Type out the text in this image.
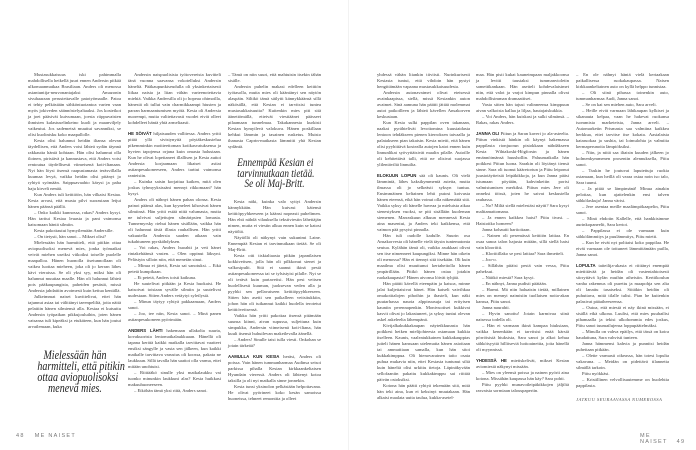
Mustasukkaisuus iski pahimmalla mahdollisella hetkellä juuri ennen Andersin pitkää ulkomaanmatkaa Brasiliaan. Anders oli menossa asiantuntija-neuvonantajaksi Amazonin sivuhaaraan perustettavalle patotyömaalle. Patoa ei tehty pelkästään sähköntuotantoa varten vaan myös jokiveden säännöstelyaltaaksi. Jos kosteikot ja joet pääsivät kuivumaan, joesta riippuvaisten ihmisten kalastuselinkeino kuoli ja maanviljely vaikeutui. Jos sademetsä muuttui savanniksi, se olisi kuolinisku koko maapallolle.

Kesia olisi halunnut heidän iltansa olevan täydellisen, että Anders voisi lähteä sydän täynnä rakkautta häntä kohtaan. Hän olisi halunnut olla iloinen, piristävä ja kannustava, että Anders voisi rentoutua täydellisesti viimeisenä koti-iltanaan. Nyt hän löysi itsensä raapustamasta teräsvillalla kuumaa levyä, vaikka heidän olisi pitänyt jo ryhtyä syömään. Saippuavaahto kärysi ja paha haju kirveli nenää.

Kun Anders tuli keittiöön, hän vilkaisi Kesiaa. Kesia arvasi, että musta pilvi suorastaan leijui hänen päänsä päällä.

– Onko kaikki kunnossa, rakas? Anders kysyi. Hän tarttui Kesiaa leuasta ja pani vaimonsa katsomaan häntä silmiin.

Kesia pakottautui hymyilemään Andersille.

– On tietysti, hän sanoi. – Miksei olisi?

Mielessään hän harmitteli, että pitikin ottaa aviopuolisoksi menevä mies, jonka työmatkat veivät miehen useiksi viikoiksi toiselle puolelle maapalloa. Hänen huonolla itsetunnollaan oli vaikea luottaa mieheen, joka oli jo kerran lähes kävi vieraissa. Se oli yksi syy, miksi hän oli halunnut muuttaa maalle. Hän oli halunnut lähteä pois pääkaupungista, paheiden pesästä, missä Andersia jahdattiin avoimesti kuin kettua kentällä.

Julkeimmat naiset kuvittelivat, ettei hän tajunnut asiaa tai välittänyt taeenpeliltä, joita näitä pelattiin hänen silmiensä alla. Kesiaa ei kutsuttu Andersin työpaikan pikkujouluihin, joten hänen vatsansa tuli kipeäksi ja etukäteen, kun hän joutui arvailemaan, kuka

Mielessään hän
harmitteli, että pitikin
ottaa aviopuolisoksi
menevä mies.

Andersin naispuolisista työtovereista kuvitteli tänä vuonna saavansa vokotelluksi Andersin häneltä. Pääkaupunkiseudulla oli yksinkertaisesti liikaa naisia ja liian vähän varteenotettavia miehiä. Vaikka Andersilla oli jo hopeaa ohimoilla, hänestä oli tullut vain charmikkaampi hiusten ja parran harmaantumisen myötä. Kesia oli Andersia nuorempi, mutta valitettavasti vuodet eivät olleet kohdelleet häntä yhtä armeliaasti.

HE SÖIVÄT hiljaisuuden vallitessa. Anders yritti pitää yllä sivistynyttä pöytäkeskustelua pikemminkin moitteettoman kotikasvatuksensa ja hyvien tapojensa orjana kuin omasta halustaan. Kun he olivat lopettaneet illallisen ja Kesia auttoi Andersia korjaamaan likaiset astiat astianpesukoneeseen, Anders tarttui vaimonsa ranteisiin.

– Kuinka saisin korjattua kaiken, mitä olen joskus tyhmyyksissäni mennyt rikkomaan? hän kysyi.

Anders oli nähnyt hänen pahan olonsa. Kesia painoi päänsä alas, kun kyyneleet kihosivat hänen silmiinsä. Hän yritti estää niitä valumasta, mutta ne tulvivat suljettujen silmäripsien lomasta. Tunnemyrsky riehui hänen sisällään, vaikka hän oli halunnut tästä illasta rauhallisen. Hän yritti vakuutella Andersia saaden aikaan vain tukahtuneen pyrskähdyksen.

– Voi rakas, Anders huoahti ja veti hänet rintakehäänsä vasten. – Olen oppinut läksyni. Pelästyin silloin niin, että menetän sinut.

– Minua ei jätetä, Kesia sai sanotuksi. – Eikä petetä kumpikaan.

– Ei petetä, Anders toisti kaikuna.

He suutelivat pitkään ja Kesia huokaisi. He katsoivat toisiaan syvälle silmiin ja suutelivat uudestaan. Sitten Anders vetäytyi syleilystä.

– Minun täytyy ryhtyä pakkaamaan, Anders sanoi.

– Joo, tee niin, Kesia sanoi. – Minä panen astianpesukoneen pyörimään.

ANDERS LÄHTI hakemaan ullakolta suurta, kovakuorista lentomatkalaukkuaan. Hänellä oli tapana kerätä kaikki matkalla tarvittavat vaatteet ensiksi sängylle ja vasta sen jälkeen, kun kaikki matkalle tarvittava varustus oli koossa, pakata ne laukkuun. Sillä tavalla hän saattoi olla varma, ettei mitään unohtuisi.

– Riittääkö sinulle yksi matkalaukku vai tuonko minunkin laukkuni alas? Kesia huikkasi makuuhuoneeseen.

– Eiköhän tämä yksi riitä, Anders sanoi.

– Tämä on niin suuri, että mahtuisin itsekin tähän sisälle.

Andersin puhelin makasi edelleen keittiön työtasolla, mutta mies oli kääntänyt sen näytön alaspäin. Siltikö tämä säilytti kännykkäänsä sillä näkösällä, että Kesian ei tarvitsisi tuntea mustasukkaisuutta? Kuitenkin mies piti sitä äänettömällä, etteivät viestiäänet päässeet pilaamaan tunnelmaa. Takakannesta kurkisti Kesian hymyilevä valokuva. Hänen poskillaan hehkui lämmin ja tasainen rusketus. Muisto ihanasta Caprin-matkasta lämmitti yhä Kesian sydäntä.

Ennempää Kesian ei
tarvinnutkaan tietää.
Se oli Maj-Britt.

Kesia näki, kuinka valo syttyi Andersin kännykkään. Hän kuivasi kätensä keittiöpyyhkeeseen ja käänsi nopeasti puhelimen. Hän ehti nähdä vilauksella tekstiviestin lähettäjän nimen, mutta ei viestin alkua ennen kuin se katosi näytöltä.

Näytöllä oli näkynyt vain sukunimi Laine. Ennempää Kesian ei tarvinnutkaan tietää. Se oli Maj-Britt.

Kesia otti tiskialtaasta pitkän japanilaisen kokkiveitsen, jolla hän oli pilkkonut sienet ja valkosipulit. Sitä ei saanut ikinä pestä astianpesukoneessa tai se tylsistyisi pilalle. Nyt se oli terävä kuin partaveitsi. Hän pesi veitsen huolellisesti kuuman, juoksevan veden alla ja pyyhki sen pellavaiseen keittiöpyyhkeeseen. Sitten hän asetti sen paikalleen veitsitukkiin, johon hän oli tuikannut kaikki huolella terotetut keittiöveitsensä.

Vaikka hän yritti pakottaa itsensä pitämään suunsa kiinni, aivan supussa, suljettuna kuin simpukka, Andersin viimeisenä koti-iltana, hän kuuli itsensä huhuilevan makeilevalla äänellä.

– Anders! Sinulle taisi tulla viesti. Onkohan se jotain tärkeää?

AAMULLA KUN KESIA heräsi, Anders oli poissa. Vain hänen tummanharmaa Audinsa seisoi parkissa pihalla Kesian kirkkaankeltaisen Hyundain vieressä. Anders oli lähtenyt kotoa taksilla ja oli nyt matkalla sinne jonnekin.

Kesia tunsi yksinolon pelkästään helpottavana. He olivat pyörineet koko kesän samoissa huoneissa, tehneet remonttia ja olleet

yhdessä vähän liiankin tiiviisti. Nurinkurisesti Kesiasta tuntui, että vihdoin hän pystyi hengittämään vapaana mustasukkaisuudesta.

Andersin autonavaimet olivat eteisessä avainkaapissa, siellä, missä Kesiankin auton avaimet. Sinä aamuna hän päätti jättää molemmat autot paikoilleen ja lähteä kävellen Ansakorven keskustaan.

Kun Kesia sulki pappilan oven takanaan, naakat pyrähtelivät levottomina kuusiaidasta lentoon tehdäkseen pienen kierroksen taivaalla ja palatakseen pian takaisin. Kesia mietti, että hänen olisi pyyhittävä kostealla autojen katot ennen kuin linnunlikat syövyttäisivät maalin pilalle. Autoille oli kehitettävä talli, että ne olisivat suojassa ylilentäviltä linnuilta.

ELOKUUN LOPUN sää oli kaunis. Oli vielä lämmintä, lähes kaksikymmentä astetta, mutta ilmassa oli jo selkeästi syksyn tuntua. Ensimmäinen keltainen lehti putosi koivusta hänen eteensä, eikä hän voinut olla näkemättä sitä. Vaikka syksy oli hänelle haveaa ja mieluista aikaa sienestyksen vuoksi, se piti sisällään kuoleman siemenen. Marraskuun alkuun mennessä Kesia aina masentui, ja Anders teki kaikkensa, että vaimon pää pysyisi pinnalla.

Hän tuli oudolle kadulle. Suurin osa Ansakorvesta oli hänelle vielä täysin tuntematonta seutua. Kylähän tämä oli, vaikka asukkaat olivat sen itse nimenneet kaupungiksi. Minne hän oikein oli menossa? Hän ei tiennyt sitä itsekään. Oli kuin maailma olisi muuttunut kertaheitolla hänen ympärillään. Pitikö hänen ostaa jotakin ruokakaupasta? Hänen aivonsa löivät tyhjää.

Hän päätti kävellä eteenpäin ja katsoa, minne jalat kuljettaisivat hänet. Hän katseli vaivihkaa omakotitalojen pihoihin ja ihasteli, kun näki puutarhassa nauria alppiruusuja tai erityisen kauniin perennapenkin. Monivuotiset kukkivat kasvit olivat jo lakastuneet, ja syksy tuntui olevan askel askeleelta lähempänä.

Kivijalkakukkakaupan näyteikkunasta hän poikkesi hetken mielijohteesta ostamaan kukkia itselleen. Kaunis, vaaleatukkainen kukkakauppias jutteli hänen kanssaan utelematta hänen asioitaan tai ammattiaan samalla, kun hän sitoi kukkakimppua. Oli hienovarainen taito osata puhua mukavia niin, ettei Kesiasta tuntunut siltä kuin häneltä olisi urkittu tietoja. Läpinäkyvään sellofaaniin pakattu kukkakimppu sai riittää päivän ostoksiksi.

Kotona hän päätti ryhtyä tekemään sitä, mitä hän teki aina, kun ei keksinyt muutakaan. Hän alkaisi maalata uutta taulua, kukka-asetel-

maa. Hän pisti kukat kauneimpaan maljakkoonsa ja levitti taustaksi tummanvioletin samettikankaan. Hän asetteli kohdevalaisimet niin, että valot ja varjot kimpun pinnalla olivat mahdollisimman dramaattiset.

Vasta sitten hän tajusi valinneensa kimppuun aivan valkoista kallaa ja liljaa, hautajaiskukkia.

– Voi Anders, hän kuiskasi ja sulki silmänsä. – Rakas, rakas Anders.

JANNA OLI Piitun ja Saran kaveri jo ala-asteelta. Piitun vinkistä hänkin oli käynyt hakemassa pappilasta rionjuorun pistokkaan nähdäkseen Kesia Wihtakoski-Högforsin ja hänen emännöimänsä huushollin. Paluumatkalla hän poikkesi Piitun luona. Sarakin oli löytänyt tiensä sinne. Sara oli tuonut kääretortun ja Piitu leiponut juustotäytteisiä leipäkikkoja, ja kun Janna pääsi istumaan pöytään, kahvinkeitin porisi valmistumisen merkiksi. Piitun mies Jere oli onneksi töissä, joten he saivat keskustella rauhassa.

– No? Miltä siellä mielestäsi näytti? Sara kysyi malttamattomana.

– Ja ennen kaikkea haisi? Piitu tivasi. – Haistoitko homeen?

Janna kohautti hartioitaan.

– Nainen oli pesemässä keittiön lattiaa. En osaa sanoa talon hajusta mitään, sillä siellä haisi vain klooriitti.

– Kloriitillako se pesi lattiaa? Sara ihmetteli.

– Joo-o.

– Sillähän pitäisi pestä vain vessa, Piitu paheksui.

– Näitkö miestä? Sara kysyi.

– En nähnyt, Janna pudisti päätään.

– Harmi. Mä niin haluaisin tietää, millainen mies on mennyt naimisiin tuollaisen noita-akan kanssa, Piitu sanoi.

Janna naurahti.

– Hyvin sanottu! Jotain karmivaa siinä naisessa todella oli.

– Hän ei varmaan ikinä kampaa hiuksiaan, vaikka kenenkään ei tarvitsisi enää kärsiä pörröisistä hiuksista, Sara sanoi ja alkoi kehua sähköisyyttä hillitseviä hoitoaineitta, joita hänellä oli myynnissä.

YHDESSÄ HE mietiskelivät, mikseі Kesian aviomiestä näkynyt missään.

– Mies on yleensä poissa ja nainen pyörii aina kotona. Missähän kaupassa hän käy? Sara pohti.

Piitu pyyhki munavoileipäkikkojen jäljiltä rasvaisia sormiaan talouspaperiin.

– En ole nähnyt häntä vielä kertaakaan paikallisessa ruokakaupassa. Naisen kirkkaankeltainen auto on kyllä helppo tunnistaa.

– Oli siinä pihassa toinenkin auto, tummanharmaa Audi, Janna sanoi.

– Se on kai sen miehen auto, Sara arveli.

– Heille eivät varmaan lähikaupan kylkiset ja sikanauta kelpaa, vaan he hakevat ruokansa isommista marketeista, Janna arveli. – Automarketin Prismasta saa valmiina kaikkea herkkua, ettei tarvitse itse kokata. Aasialaista kataruokaa ja sushia, tai loimulohta ja valmiita kermaperunoita lämpiöksiksi.

– Niin, ja niitä saa iltaisin kuuden jälkeen jo kolmenkymmenen prosentin alennuksella, Piitu sanoi.

– Tuskin he joutuvat laputettuja ruokia ostamaan, kun heillä oli varaa ostaa noin iso talo, Sara tuumi.

– Ja pitää se lämpimänä! Minua ainakin pelottaa, kun ajattelenkin ensi talven sähkölaskuja! Janna värisi.

– Jere asentaa meille maalämpökaapelin, Piitu sanoi.

– Minä ehdotin Kallelle, että hankkisimme aurinkopaneelit, Sara kertoi.

– Pappilassa ei ole varmaan kuin sähkölämmitys ja puulämmitys, Piitu mietti.

– Kun he eivät nyt polttaisi koko pappilaa. He eivät varmaan ole tottuneet lämmittämään puilla, Janna sanoi.

LOPULTA taiteilija-akasta ei riittänyt enempää mietittävää ja heidän oli vastentahtoisesti siirryttävä kylän muihin aiheisiin. Kerttikoulun vanha rakennus oli purettu ja maapohja sen alta oli lanattu tasaiseksi. Siitäkin heidän oli puhuttava, mitä tilalle tulisi. Pian he kuitenkin palasivat pääaiheeseensa.

– Outoa, että miestä ei näy ikinä missään, ei sisällä eikä ulkona. Luulisi, että mies puuhailisi pihamaalla ja tekisi ulkohommia edes joskus, Piitu sanoi tuumailujensa loppupäätelmäksi.

– Minulla on vahva epäilys, että tässä on koira haudattuna, Sara vahvisti tunteen.

Janna hämmensi kahvia ja punnitsi heidän puheitaan pitkään.

– Olette varmasti oikeassa, hän totesi lopulta vakavana. – Meidän on pidettävä tilannetta silmällä tarkoin.

Piitu nyökkäsi.

– Kristillinen velvollisuutemme on huolehtia pappilasta.

JATKUU SEURAAVASSA NUMEROSSA
48 ME NAISET	ME NAISET 49
